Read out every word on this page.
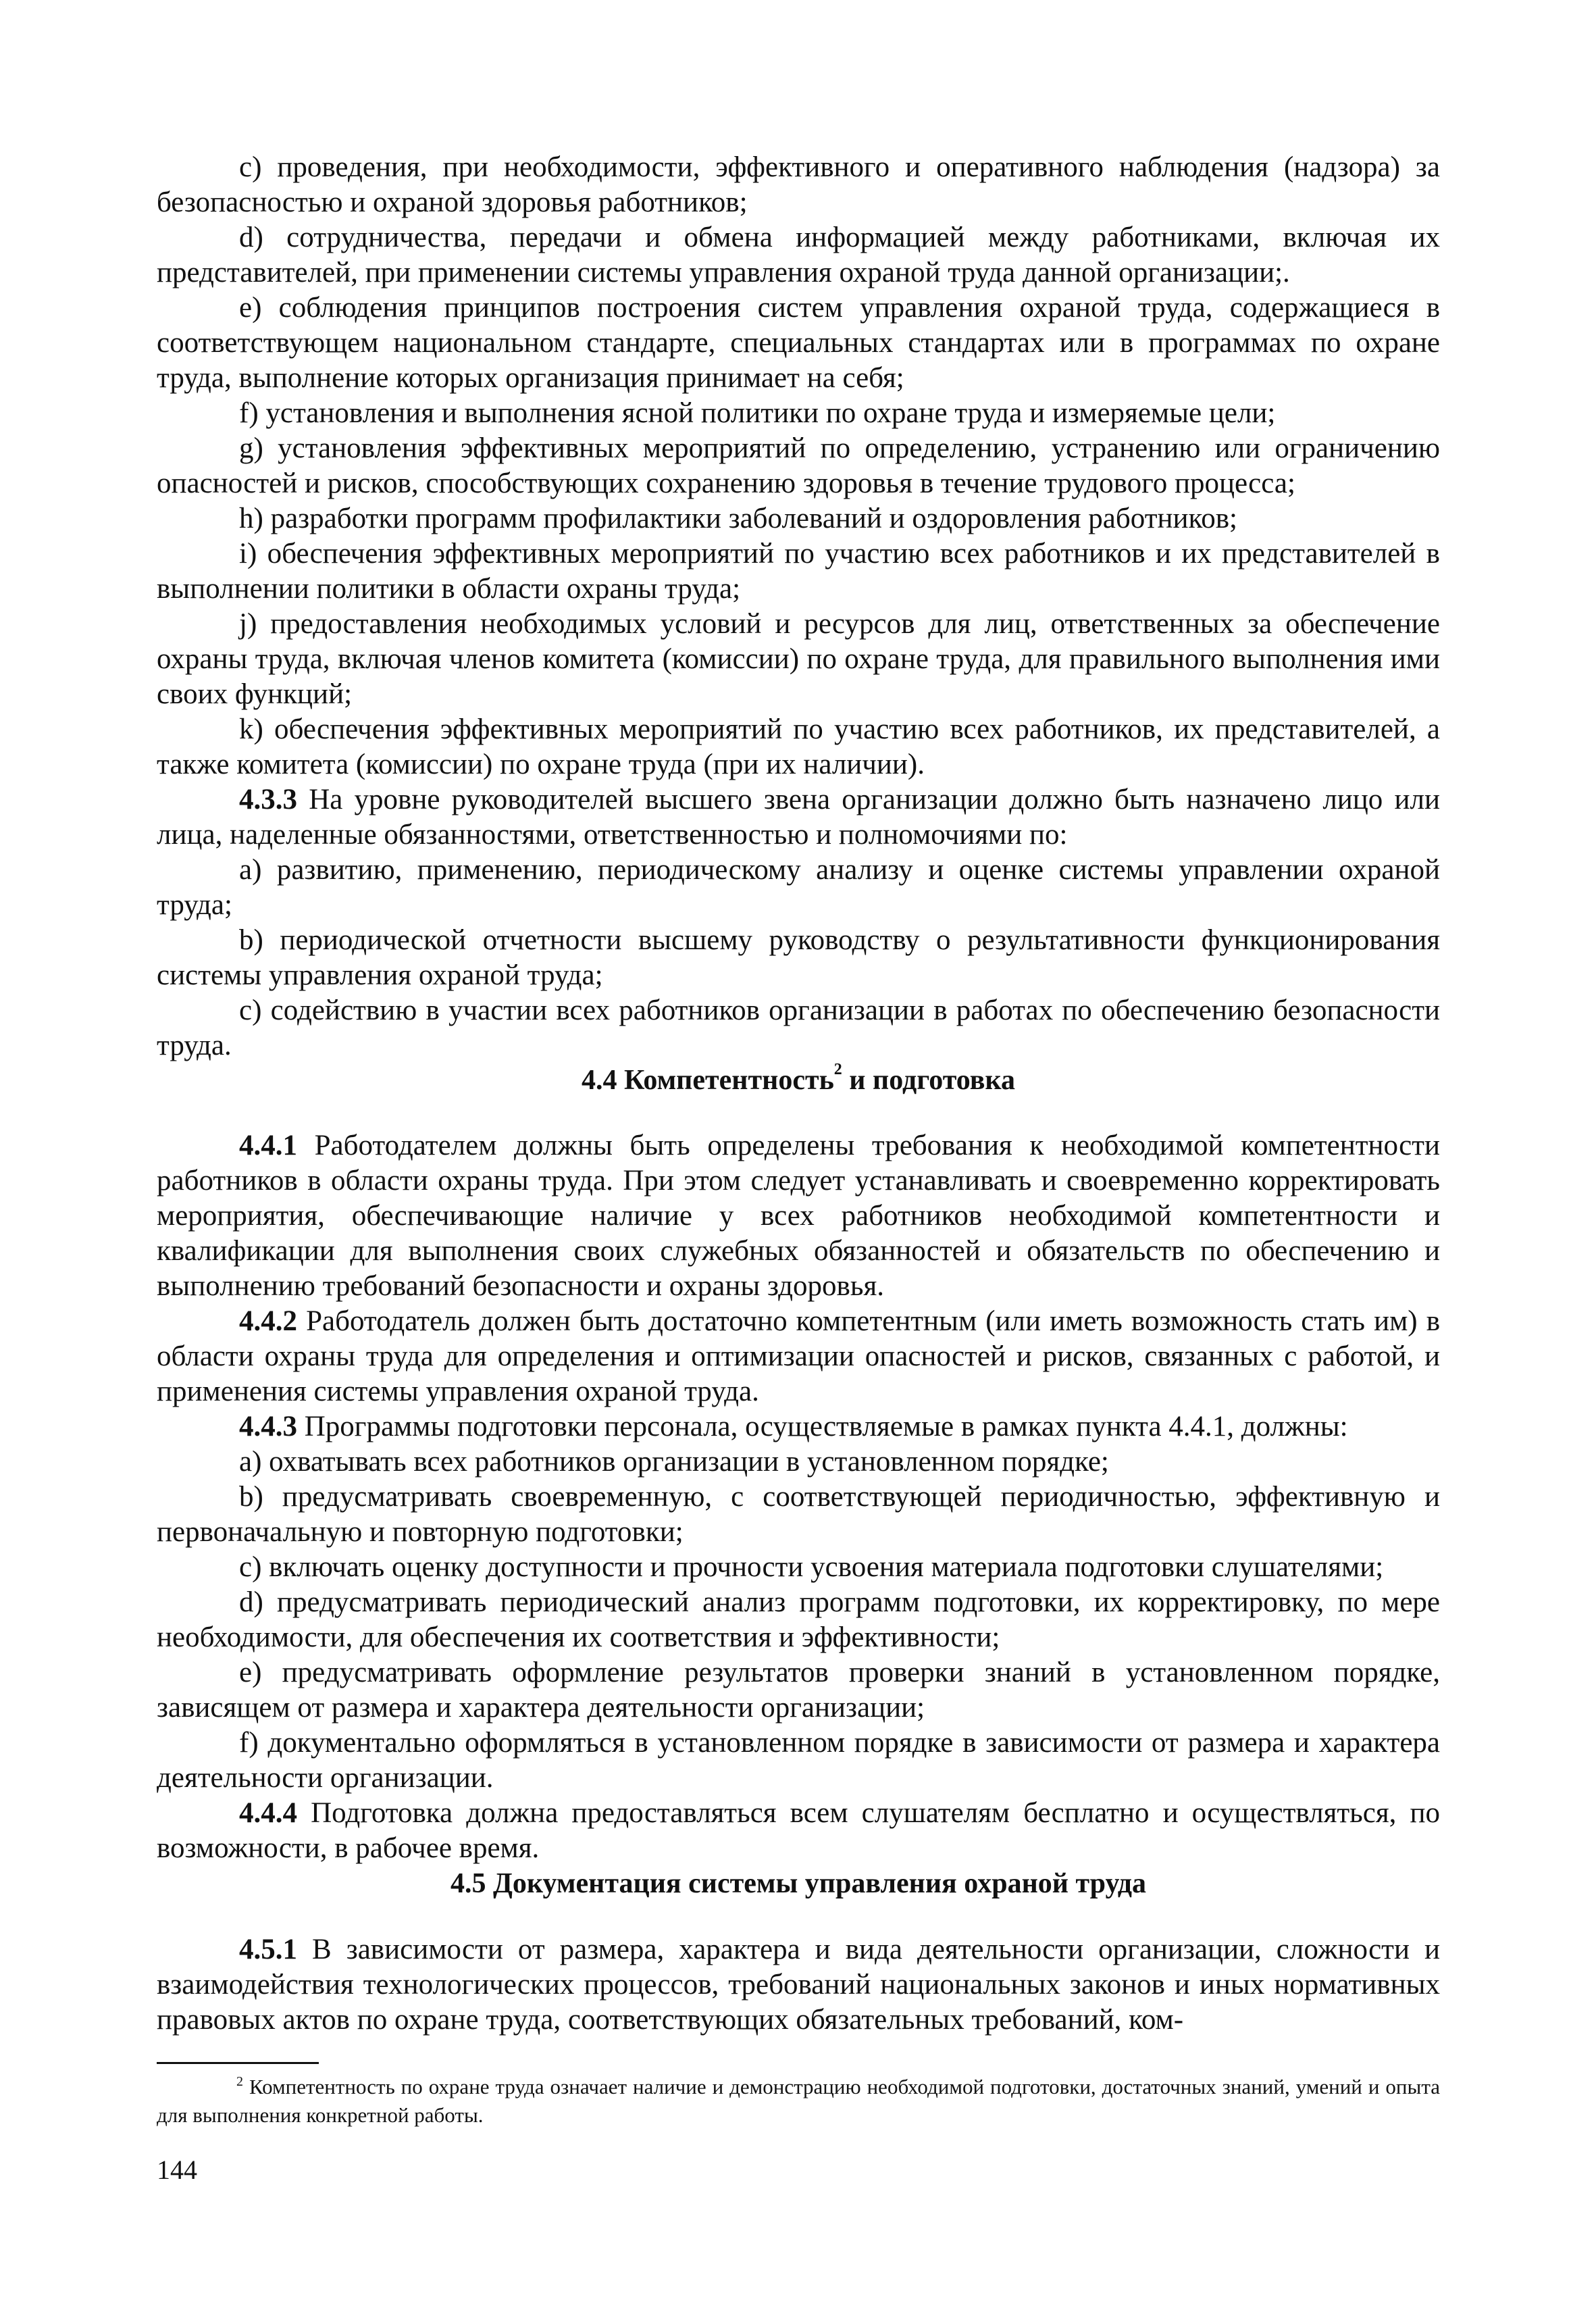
с) проведения, при необходимости, эффективного и оперативного наблюдения (надзора) за безопасностью и охраной здоровья работников;

d) сотрудничества, передачи и обмена информацией между работниками, включая их представителей, при применении системы управления охраной труда данной организации;.

е) соблюдения принципов построения систем управления охраной труда, содержащиеся в соответствующем национальном стандарте, специальных стандартах или в программах по охране труда, выполнение которых организация принимает на себя;

f) установления и выполнения ясной политики по охране труда и измеряемые цели;

g) установления эффективных мероприятий по определению, устранению или ограничению опасностей и рисков, способствующих сохранению здоровья в течение трудового процесса;

h) разработки программ профилактики заболеваний и оздоровления работников;

i) обеспечения эффективных мероприятий по участию всех работников и их представителей в выполнении политики в области охраны труда;

j) предоставления необходимых условий и ресурсов для лиц, ответственных за обеспечение охраны труда, включая членов комитета (комиссии) по охране труда, для правильного выполнения ими своих функций;

k) обеспечения эффективных мероприятий по участию всех работников, их представителей, а также комитета (комиссии) по охране труда (при их наличии).

4.3.3 На уровне руководителей высшего звена организации должно быть назначено лицо или лица, наделенные обязанностями, ответственностью и полномочиями по:

а) развитию, применению, периодическому анализу и оценке системы управлении охраной труда;

b) периодической отчетности высшему руководству о результативности функционирования системы управления охраной труда;

с) содействию в участии всех работников организации в работах по обеспечению безопасности труда.

4.4 Компетентность$^2$ и подготовка

4.4.1 Работодателем должны быть определены требования к необходимой компетентности работников в области охраны труда. При этом следует устанавливать и своевременно корректировать мероприятия, обеспечивающие наличие у всех работников необходимой компетентности и квалификации для выполнения своих служебных обязанностей и обязательств по обеспечению и выполнению требований безопасности и охраны здоровья.

4.4.2 Работодатель должен быть достаточно компетентным (или иметь возможность стать им) в области охраны труда для определения и оптимизации опасностей и рисков, связанных с работой, и применения системы управления охраной труда.

4.4.3 Программы подготовки персонала, осуществляемые в рамках пункта 4.4.1, должны:

а) охватывать всех работников организации в установленном порядке;

b) предусматривать своевременную, с соответствующей периодичностью, эффективную и первоначальную и повторную подготовки;

с) включать оценку доступности и прочности усвоения материала подготовки слушателями;

d) предусматривать периодический анализ программ подготовки, их корректировку, по мере необходимости, для обеспечения их соответствия и эффективности;

е) предусматривать оформление результатов проверки знаний в установленном порядке, зависящем от размера и характера деятельности организации;

f) документально оформляться в установленном порядке в зависимости от размера и характера деятельности организации.

4.4.4 Подготовка должна предоставляться всем слушателям бесплатно и осуществляться, по возможности, в рабочее время.

4.5 Документация системы управления охраной труда

4.5.1 В зависимости от размера, характера и вида деятельности организации, сложности и взаимодействия технологических процессов, требований национальных законов и иных нормативных правовых актов по охране труда, соответствующих обязательных требований, ком-

$^2$ Компетентность по охране труда означает наличие и демонстрацию необходимой подготовки, достаточных знаний, умений и опыта для выполнения конкретной работы.

144
